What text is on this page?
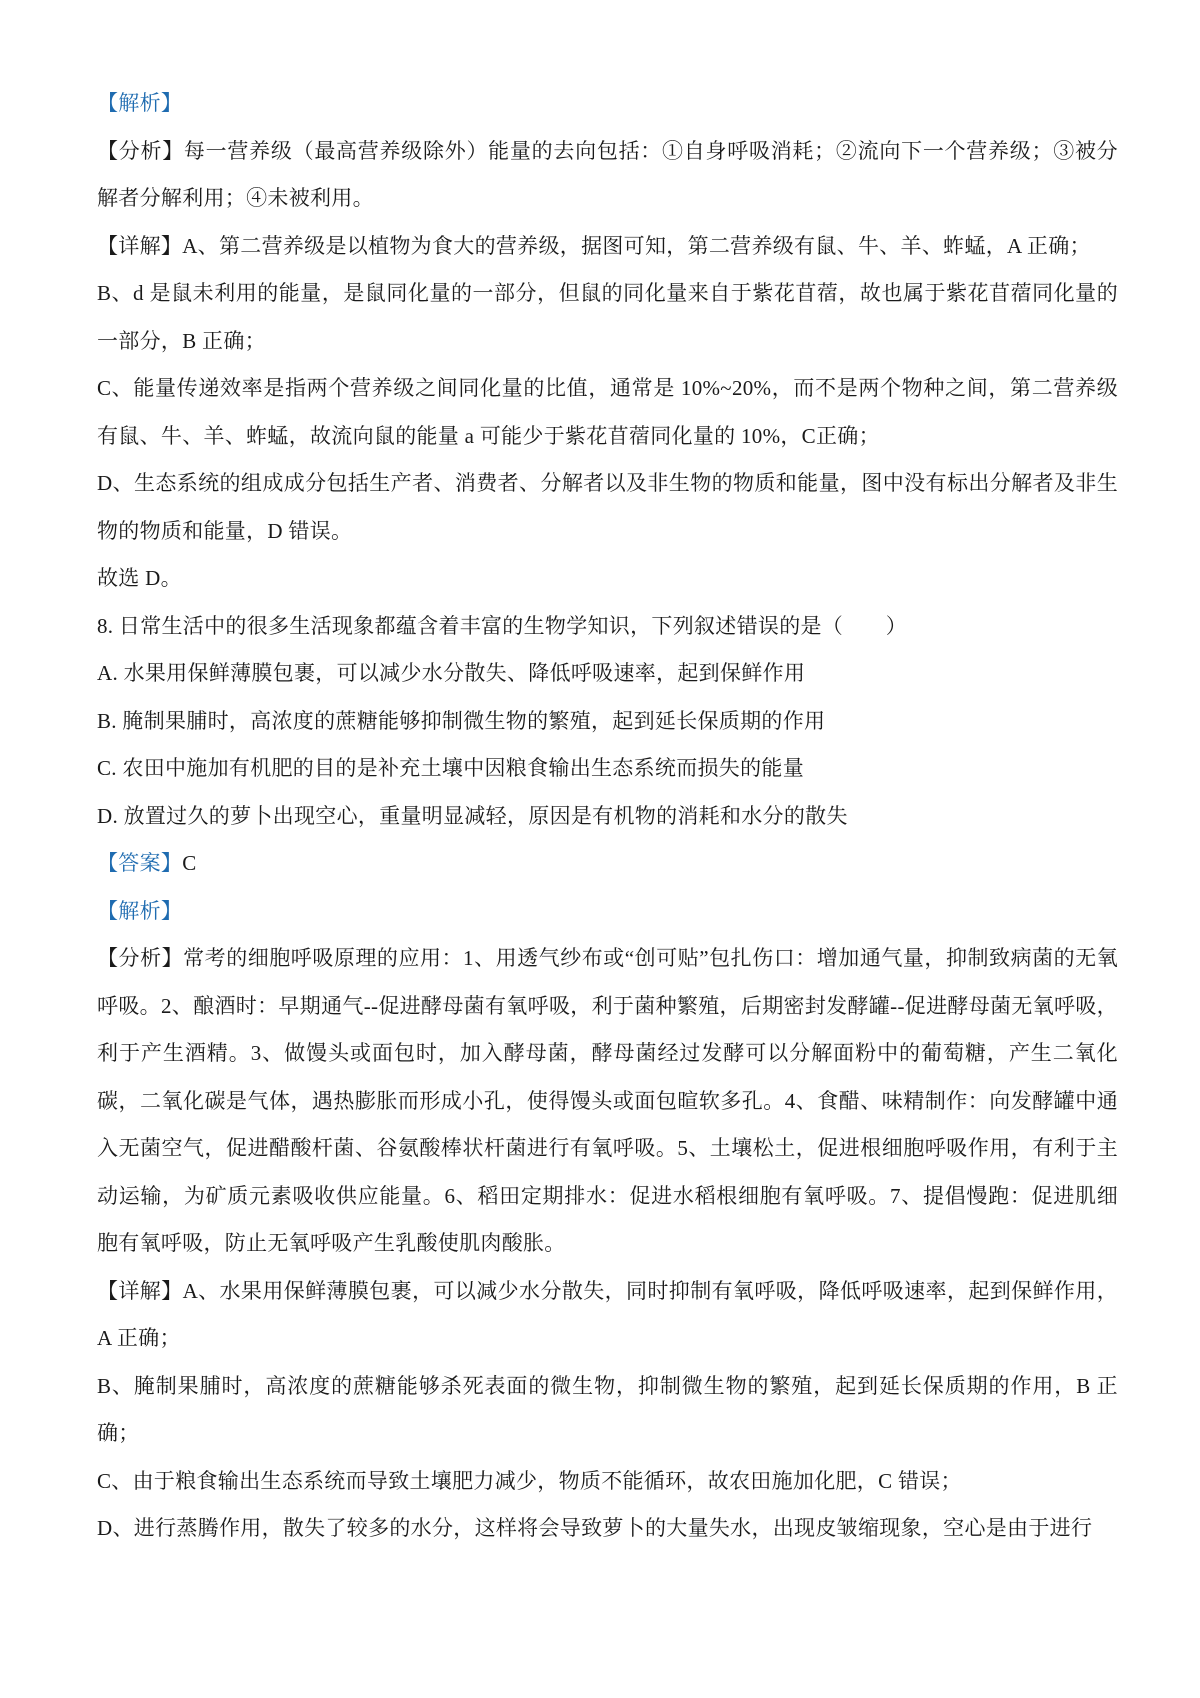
【解析】

【分析】每一营养级（最高营养级除外）能量的去向包括：①自身呼吸消耗；②流向下一个营养级；③被分解者分解利用；④未被利用。

【详解】A、第二营养级是以植物为食大的营养级，据图可知，第二营养级有鼠、牛、羊、蚱蜢，A 正确；

B、d 是鼠未利用的能量，是鼠同化量的一部分，但鼠的同化量来自于紫花苜蓿，故也属于紫花苜蓿同化量的一部分，B 正确；

C、能量传递效率是指两个营养级之间同化量的比值，通常是 10%~20%，而不是两个物种之间，第二营养级有鼠、牛、羊、蚱蜢，故流向鼠的能量 a 可能少于紫花苜蓿同化量的 10%，C正确；

D、生态系统的组成成分包括生产者、消费者、分解者以及非生物的物质和能量，图中没有标出分解者及非生物的物质和能量，D 错误。

故选 D。

8. 日常生活中的很多生活现象都蕴含着丰富的生物学知识，下列叙述错误的是（　　）

A. 水果用保鲜薄膜包裹，可以减少水分散失、降低呼吸速率，起到保鲜作用

B. 腌制果脯时，高浓度的蔗糖能够抑制微生物的繁殖，起到延长保质期的作用

C. 农田中施加有机肥的目的是补充土壤中因粮食输出生态系统而损失的能量

D. 放置过久的萝卜出现空心，重量明显减轻，原因是有机物的消耗和水分的散失

【答案】C

【解析】

【分析】常考的细胞呼吸原理的应用：1、用透气纱布或“创可贴”包扎伤口：增加通气量，抑制致病菌的无氧呼吸。2、酿酒时：早期通气--促进酵母菌有氧呼吸，利于菌种繁殖，后期密封发酵罐--促进酵母菌无氧呼吸，利于产生酒精。3、做馒头或面包时，加入酵母菌，酵母菌经过发酵可以分解面粉中的葡萄糖，产生二氧化碳，二氧化碳是气体，遇热膨胀而形成小孔，使得馒头或面包暄软多孔。4、食醋、味精制作：向发酵罐中通入无菌空气，促进醋酸杆菌、谷氨酸棒状杆菌进行有氧呼吸。5、土壤松土，促进根细胞呼吸作用，有利于主动运输，为矿质元素吸收供应能量。6、稻田定期排水：促进水稻根细胞有氧呼吸。7、提倡慢跑：促进肌细胞有氧呼吸，防止无氧呼吸产生乳酸使肌肉酸胀。

【详解】A、水果用保鲜薄膜包裹，可以减少水分散失，同时抑制有氧呼吸，降低呼吸速率，起到保鲜作用，A 正确；

B、腌制果脯时，高浓度的蔗糖能够杀死表面的微生物，抑制微生物的繁殖，起到延长保质期的作用，B 正确；

C、由于粮食输出生态系统而导致土壤肥力减少，物质不能循环，故农田施加化肥，C 错误；

D、进行蒸腾作用，散失了较多的水分，这样将会导致萝卜的大量失水，出现皮皱缩现象，空心是由于进行
